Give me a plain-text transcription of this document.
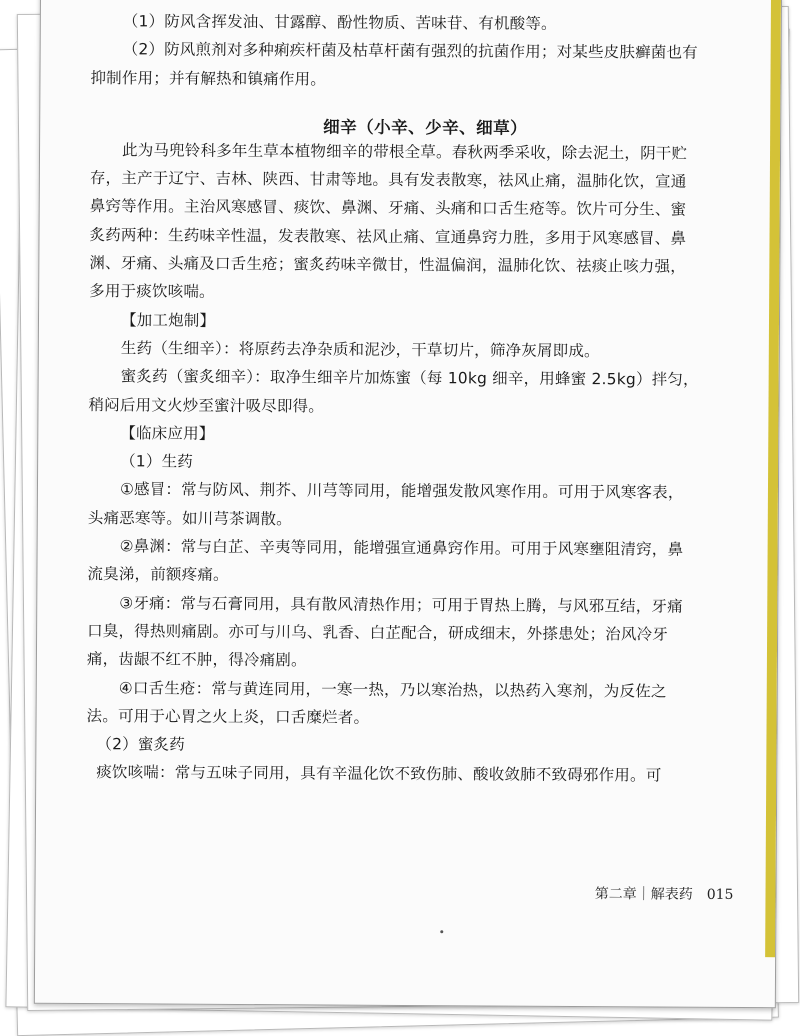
（1）防风含挥发油、甘露醇、酚性物质、苦味苷、有机酸等。
（2）防风煎剂对多种痢疾杆菌及枯草杆菌有强烈的抗菌作用；对某些皮肤癣菌也有
抑制作用；并有解热和镇痛作用。
细辛（小辛、少辛、细草）
此为马兜铃科多年生草本植物细辛的带根全草。春秋两季采收，除去泥土，阴干贮
存，主产于辽宁、吉林、陕西、甘肃等地。具有发表散寒，祛风止痛，温肺化饮，宣通
鼻窍等作用。主治风寒感冒、痰饮、鼻渊、牙痛、头痛和口舌生疮等。饮片可分生、蜜
炙药两种：生药味辛性温，发表散寒、祛风止痛、宣通鼻窍力胜，多用于风寒感冒、鼻
渊、牙痛、头痛及口舌生疮；蜜炙药味辛微甘，性温偏润，温肺化饮、祛痰止咳力强，
多用于痰饮咳喘。
【加工炮制】
生药（生细辛）：将原药去净杂质和泥沙，干草切片，筛净灰屑即成。
蜜炙药（蜜炙细辛）：取净生细辛片加炼蜜（每 10kg 细辛，用蜂蜜 2.5kg）拌匀，
稍闷后用文火炒至蜜汁吸尽即得。
【临床应用】
（1）生药
①感冒：常与防风、荆芥、川芎等同用，能增强发散风寒作用。可用于风寒客表，
头痛恶寒等。如川芎茶调散。
②鼻渊：常与白芷、辛夷等同用，能增强宣通鼻窍作用。可用于风寒壅阻清窍，鼻
流臭涕，前额疼痛。
③牙痛：常与石膏同用，具有散风清热作用；可用于胃热上腾，与风邪互结，牙痛
口臭，得热则痛剧。亦可与川乌、乳香、白芷配合，研成细末，外搽患处；治风冷牙
痛，齿龈不红不肿，得冷痛剧。
④口舌生疮：常与黄连同用，一寒一热，乃以寒治热，以热药入寒剂，为反佐之
法。可用于心胃之火上炎，口舌糜烂者。
（2）蜜炙药
痰饮咳喘：常与五味子同用，具有辛温化饮不致伤肺、酸收敛肺不致碍邪作用。可
第二章｜解表药 015
